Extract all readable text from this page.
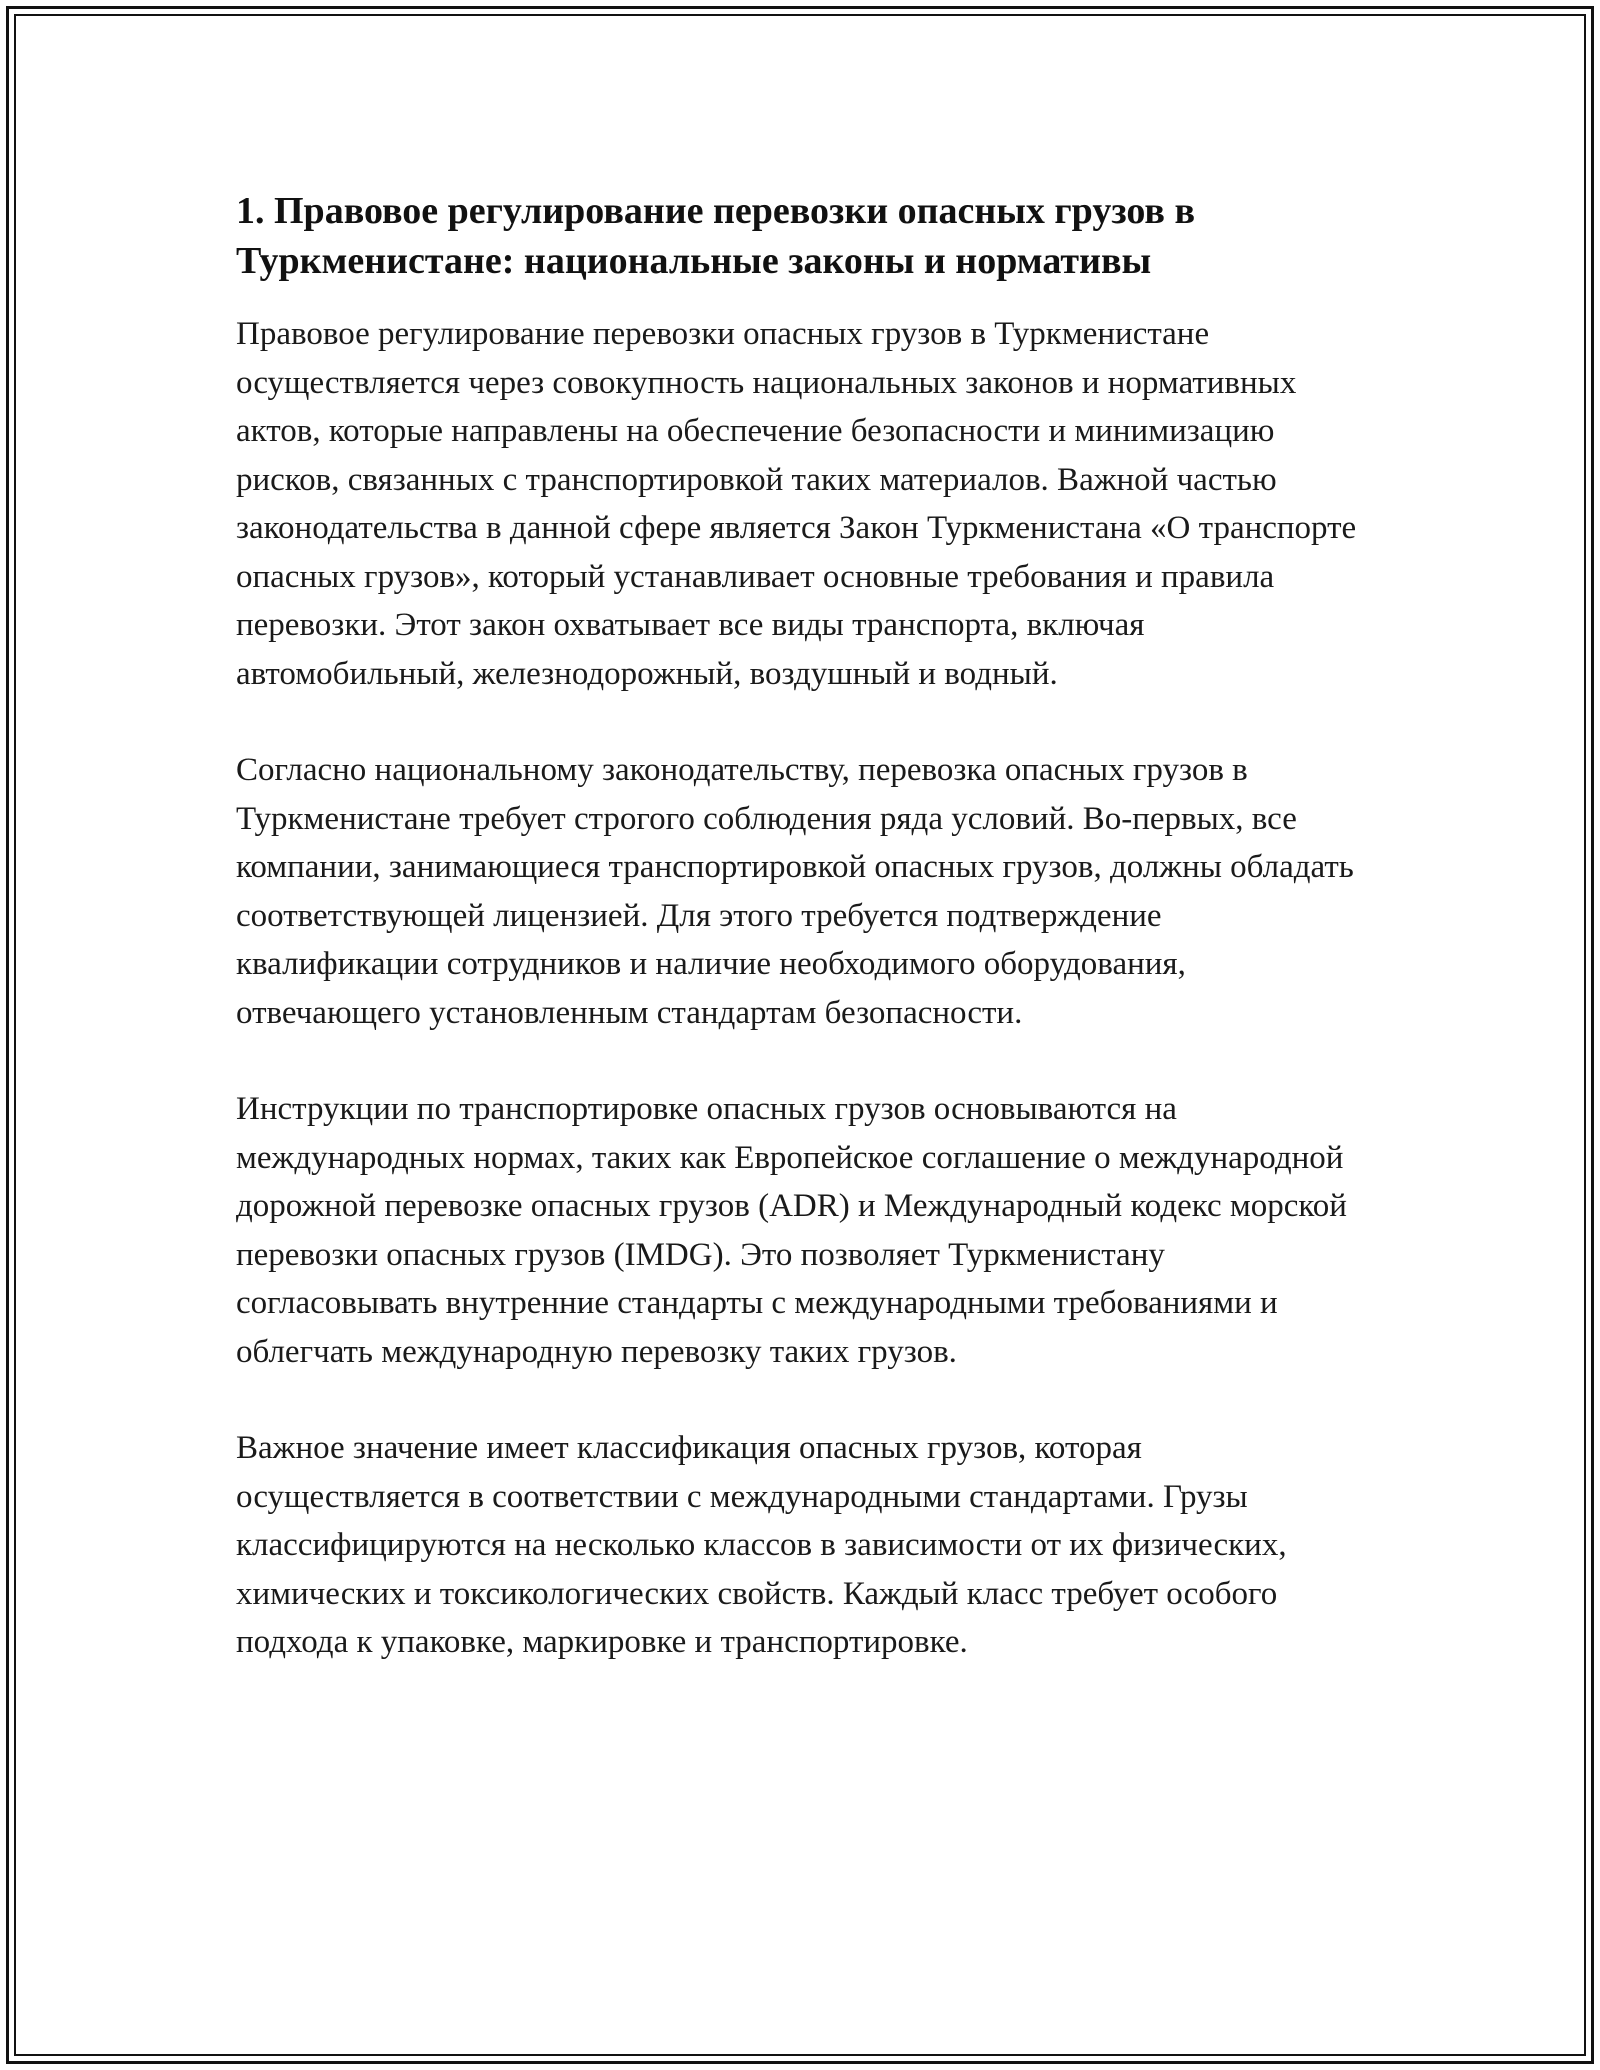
1. Правовое регулирование перевозки опасных грузов в Туркменистане: национальные законы и нормативы

Правовое регулирование перевозки опасных грузов в Туркменистане осуществляется через совокупность национальных законов и нормативных актов, которые направлены на обеспечение безопасности и минимизацию рисков, связанных с транспортировкой таких материалов. Важной частью законодательства в данной сфере является Закон Туркменистана «О транспорте опасных грузов», который устанавливает основные требования и правила перевозки. Этот закон охватывает все виды транспорта, включая автомобильный, железнодорожный, воздушный и водный.

Согласно национальному законодательству, перевозка опасных грузов в Туркменистане требует строгого соблюдения ряда условий. Во-первых, все компании, занимающиеся транспортировкой опасных грузов, должны обладать соответствующей лицензией. Для этого требуется подтверждение квалификации сотрудников и наличие необходимого оборудования, отвечающего установленным стандартам безопасности.

Инструкции по транспортировке опасных грузов основываются на международных нормах, таких как Европейское соглашение о международной дорожной перевозке опасных грузов (ADR) и Международный кодекс морской перевозки опасных грузов (IMDG). Это позволяет Туркменистану согласовывать внутренние стандарты с международными требованиями и облегчать международную перевозку таких грузов.

Важное значение имеет классификация опасных грузов, которая осуществляется в соответствии с международными стандартами. Грузы классифицируются на несколько классов в зависимости от их физических, химических и токсикологических свойств. Каждый класс требует особого подхода к упаковке, маркировке и транспортировке.
